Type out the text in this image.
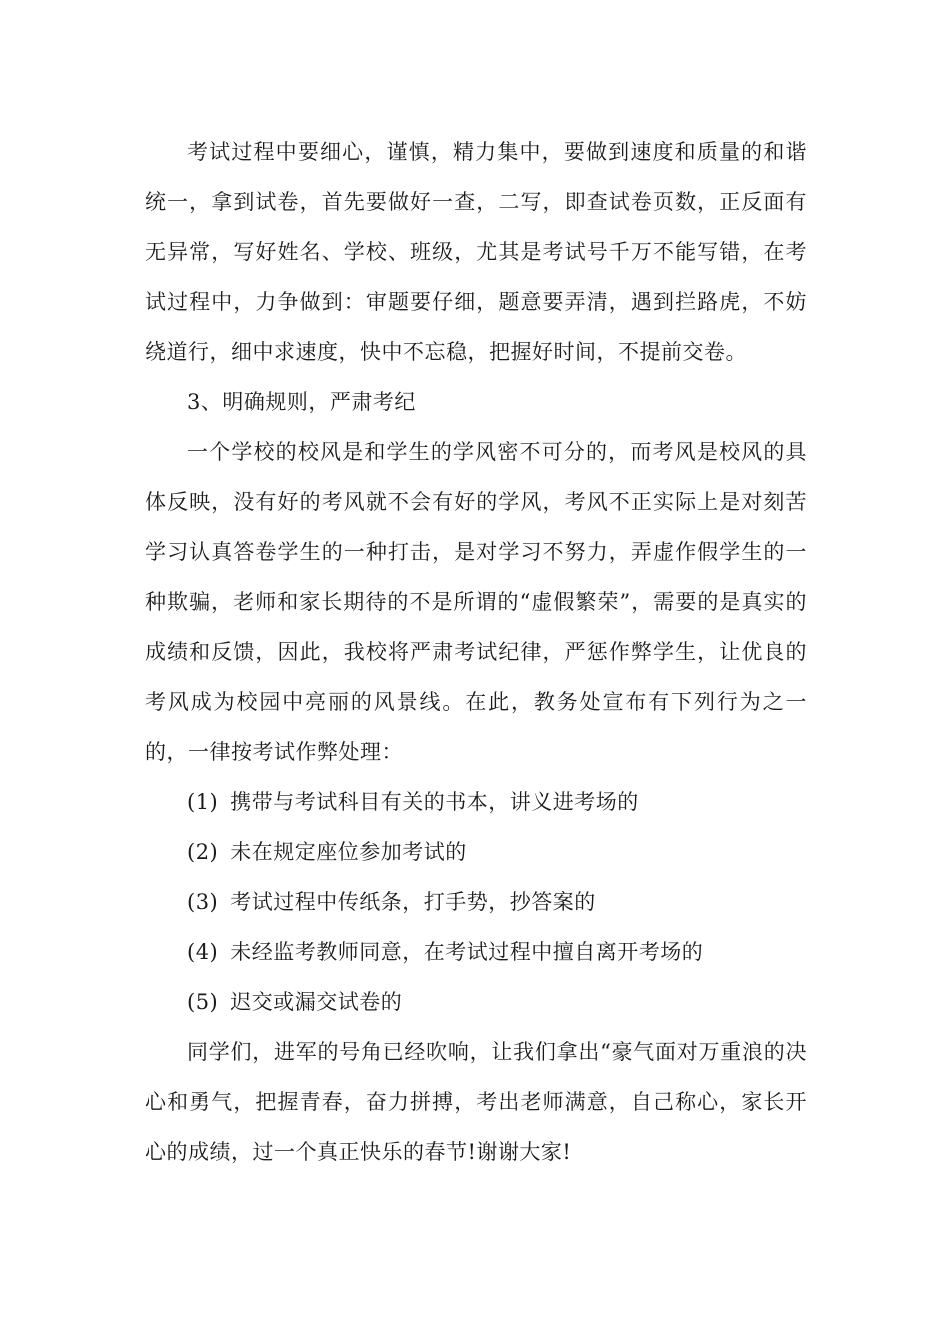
考试过程中要细心，谨慎，精力集中，要做到速度和质量的和谐统一，拿到试卷，首先要做好一查，二写，即查试卷页数，正反面有无异常，写好姓名、学校、班级，尤其是考试号千万不能写错，在考试过程中，力争做到：审题要仔细，题意要弄清，遇到拦路虎，不妨绕道行，细中求速度，快中不忘稳，把握好时间，不提前交卷。

3、明确规则，严肃考纪

一个学校的校风是和学生的学风密不可分的，而考风是校风的具体反映，没有好的考风就不会有好的学风，考风不正实际上是对刻苦学习认真答卷学生的一种打击，是对学习不努力，弄虚作假学生的一种欺骗，老师和家长期待的不是所谓的“虚假繁荣”，需要的是真实的成绩和反馈，因此，我校将严肃考试纪律，严惩作弊学生，让优良的考风成为校园中亮丽的风景线。在此，教务处宣布有下列行为之一的，一律按考试作弊处理：

(1) 携带与考试科目有关的书本，讲义进考场的
(2) 未在规定座位参加考试的
(3) 考试过程中传纸条，打手势，抄答案的
(4) 未经监考教师同意，在考试过程中擅自离开考场的
(5) 迟交或漏交试卷的

同学们，进军的号角已经吹响，让我们拿出“豪气面对万重浪的决心和勇气，把握青春，奋力拼搏，考出老师满意，自己称心，家长开心的成绩，过一个真正快乐的春节!谢谢大家!
